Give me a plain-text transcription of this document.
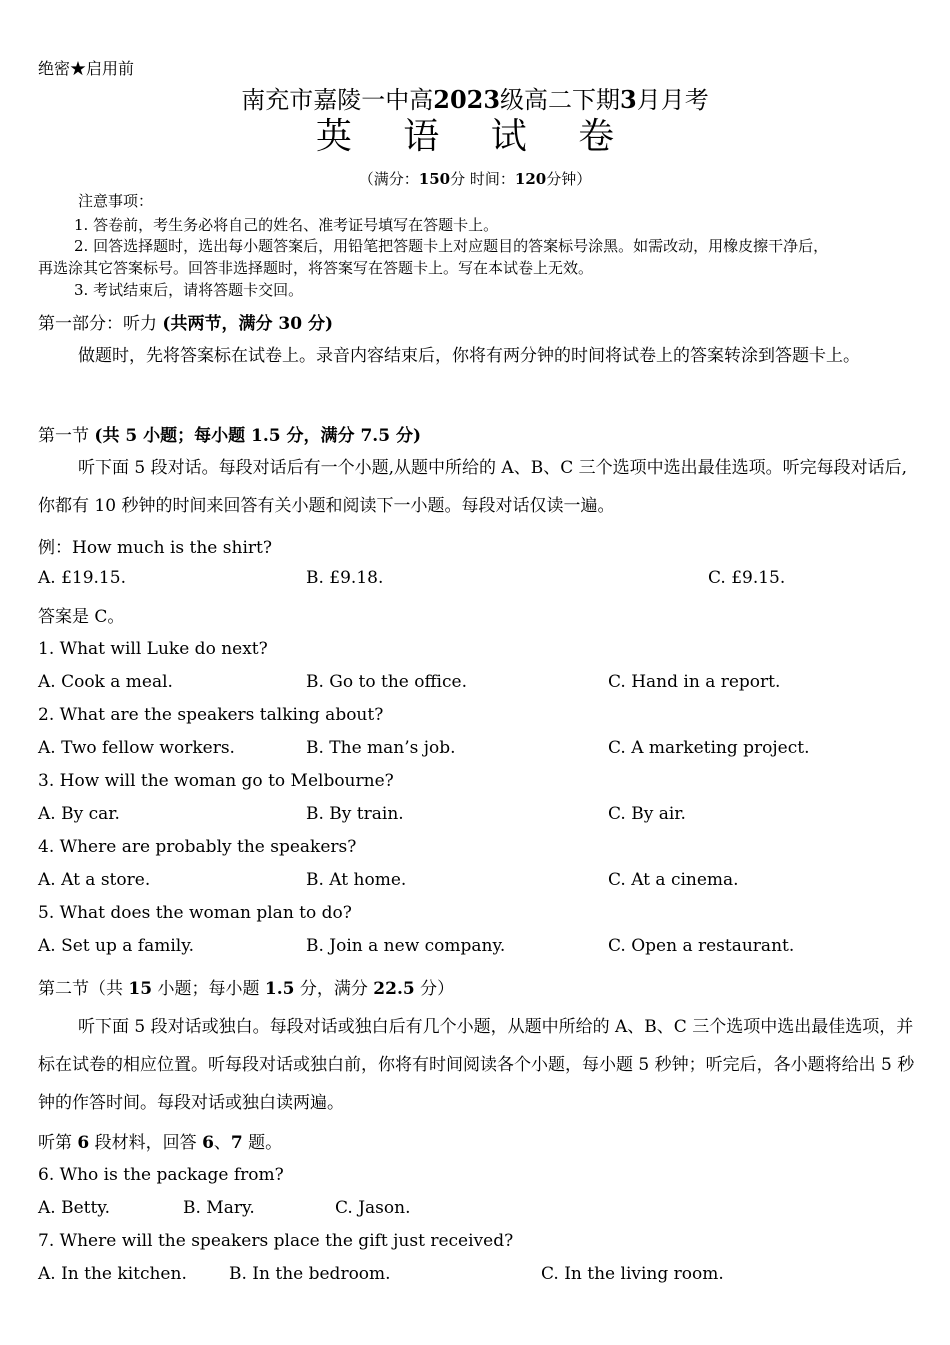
绝密★启用前
南充市嘉陵一中高2023级高二下期3月月考
英 语 试 卷
（满分：150分 时间：120分钟）
注意事项：
1. 答卷前，考生务必将自己的姓名、准考证号填写在答题卡上。
2. 回答选择题时，选出每小题答案后，用铅笔把答题卡上对应题目的答案标号涂黑。如需改动，用橡皮擦干净后，
再选涂其它答案标号。回答非选择题时，将答案写在答题卡上。写在本试卷上无效。
3. 考试结束后，请将答题卡交回。
第一部分：听力 (共两节，满分 30 分)
做题时，先将答案标在试卷上。录音内容结束后，你将有两分钟的时间将试卷上的答案转涂到答题卡上。
第一节 (共 5 小题；每小题 1.5 分，满分 7.5 分)
听下面 5 段对话。每段对话后有一个小题,从题中所给的 A、B、C 三个选项中选出最佳选项。听完每段对话后,你都有 10 秒钟的时间来回答有关小题和阅读下一小题。每段对话仅读一遍。
例：How much is the shirt?
A. £19.15.	B. £9.18.	C. £9.15.
答案是 C。
1. What will Luke do next?
A. Cook a meal.	B. Go to the office.	C. Hand in a report.
2. What are the speakers talking about?
A. Two fellow workers.	B. The man’s job.	C. A marketing project.
3. How will the woman go to Melbourne?
A. By car.	B. By train.	C. By air.
4. Where are probably the speakers?
A. At a store.	B. At home.	C. At a cinema.
5. What does the woman plan to do?
A. Set up a family.	B. Join a new company.	C. Open a restaurant.
第二节（共 15 小题；每小题 1.5 分，满分 22.5 分）
听下面 5 段对话或独白。每段对话或独白后有几个小题，从题中所给的 A、B、C 三个选项中选出最佳选项，并标在试卷的相应位置。听每段对话或独白前，你将有时间阅读各个小题，每小题 5 秒钟；听完后，各小题将给出 5 秒钟的作答时间。每段对话或独白读两遍。
听第 6 段材料，回答 6、7 题。
6. Who is the package from?
A. Betty.	B. Mary.	C. Jason.
7. Where will the speakers place the gift just received?
A. In the kitchen. B. In the bedroom.	C. In the living room.
